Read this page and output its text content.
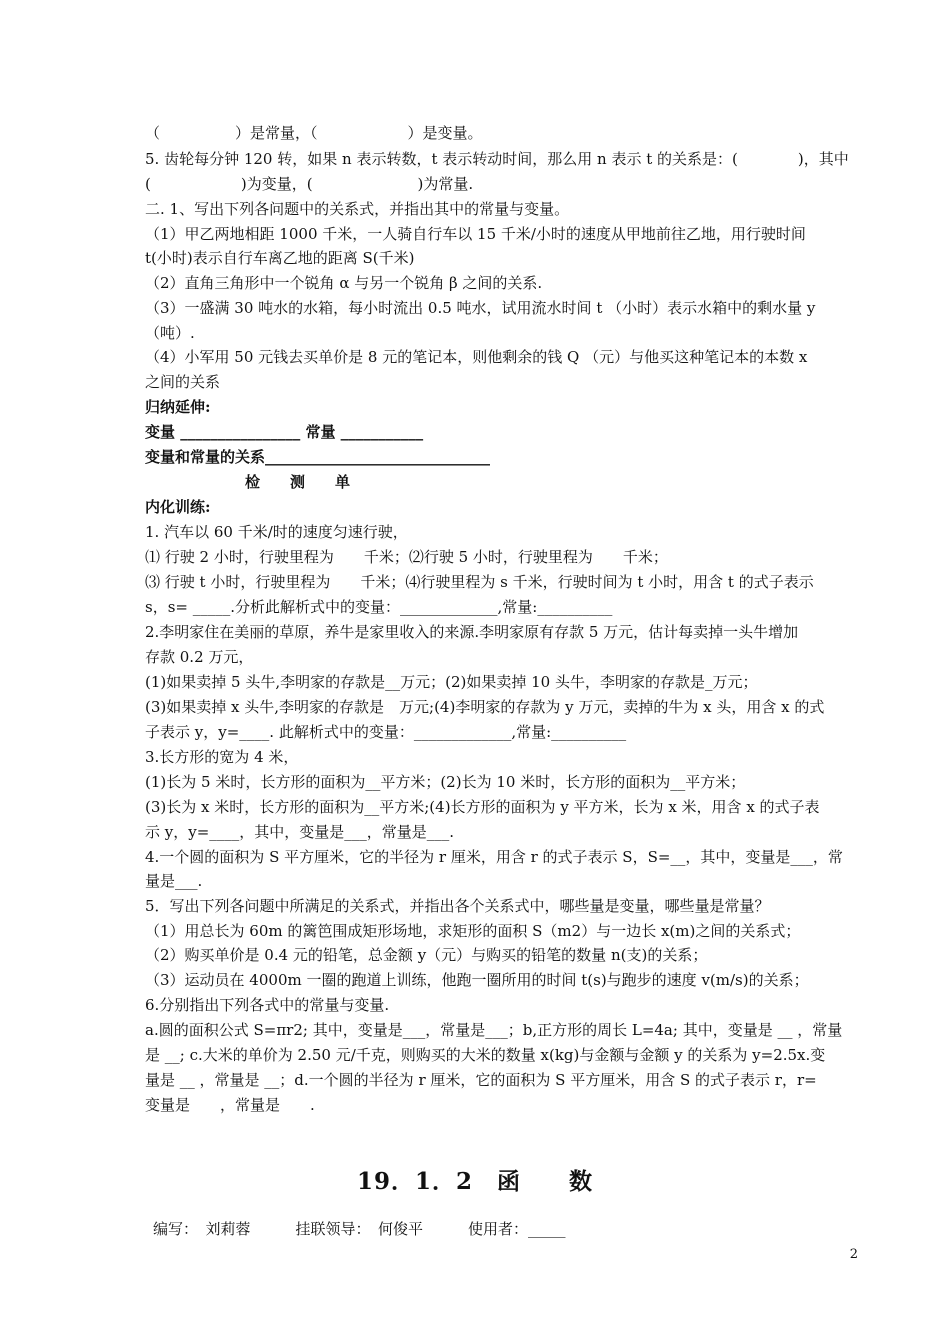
（　　　　　）是常量，（　　　　　　）是变量。
5. 齿轮每分钟 120 转，如果 n 表示转数，t 表示转动时间，那么用 n 表示 t 的关系是：(　　　　)，其中
(　　　　　　)为变量，(　　　　　　　)为常量.
二. 1、写出下列各问题中的关系式，并指出其中的常量与变量。
（1）甲乙两地相距 1000 千米，一人骑自行车以 15 千米/小时的速度从甲地前往乙地，用行驶时间
t(小时)表示自行车离乙地的距离 S(千米)
（2）直角三角形中一个锐角 α 与另一个锐角 β 之间的关系.
（3）一盛满 30 吨水的水箱，每小时流出 0.5 吨水，试用流水时间 t （小时）表示水箱中的剩水量 y
（吨）.
（4）小军用 50 元钱去买单价是 8 元的笔记本，则他剩余的钱 Q （元）与他买这种笔记本的本数 x
之间的关系
归纳延伸:
变量 ________________ 常量 ___________
变量和常量的关系______________________________
检　　测　　单
内化训练:
1. 汽车以 60 千米/时的速度匀速行驶，
⑴ 行驶 2 小时，行驶里程为　　千米；⑵行驶 5 小时，行驶里程为　　千米；
⑶ 行驶 t 小时，行驶里程为　　千米；⑷行驶里程为 s 千米，行驶时间为 t 小时，用含 t 的式子表示
s，s= _____.分析此解析式中的变量：_____________,常量:__________
2.李明家住在美丽的草原，养牛是家里收入的来源.李明家原有存款 5 万元，估计每卖掉一头牛增加
存款 0.2 万元，
(1)如果卖掉 5 头牛,李明家的存款是__万元；(2)如果卖掉 10 头牛，李明家的存款是_万元；
(3)如果卖掉 x 头牛,李明家的存款是　万元;(4)李明家的存款为 y 万元，卖掉的牛为 x 头，用含 x 的式
子表示 y，y=____. 此解析式中的变量：_____________,常量:__________
3.长方形的宽为 4 米，
(1)长为 5 米时，长方形的面积为__平方米；(2)长为 10 米时，长方形的面积为__平方米；
(3)长为 x 米时，长方形的面积为__平方米;(4)长方形的面积为 y 平方米，长为 x 米，用含 x 的式子表
示 y，y=____，其中，变量是___，常量是___.
4.一个圆的面积为 S 平方厘米，它的半径为 r 厘米，用含 r 的式子表示 S，S=__，其中，变量是___，常
量是___.
5．写出下列各问题中所满足的关系式，并指出各个关系式中，哪些量是变量，哪些量是常量？
（1）用总长为 60m 的篱笆围成矩形场地，求矩形的面积 S（m2）与一边长 x(m)之间的关系式；
（2）购买单价是 0.4 元的铅笔，总金额 y（元）与购买的铅笔的数量 n(支)的关系；
（3）运动员在 4000m 一圈的跑道上训练，他跑一圈所用的时间 t(s)与跑步的速度 v(m/s)的关系；
6.分别指出下列各式中的常量与变量.
a.圆的面积公式 S=πr2; 其中，变量是___，常量是___；b,正方形的周长 L=4a; 其中，变量是 __ ，常量
是 __; c.大米的单价为 2.50 元/千克，则购买的大米的数量 x(kg)与金额与金额 y 的关系为 y=2.5x.变
量是 __ ，常量是 __；d.一个圆的半径为 r 厘米，它的面积为 S 平方厘米，用含 S 的式子表示 r，r=
变量是　　，常量是　　.
19．1．2　函　　数
编写：　刘莉蓉　　　挂联领导：　何俊平　　　使用者：_____
2
